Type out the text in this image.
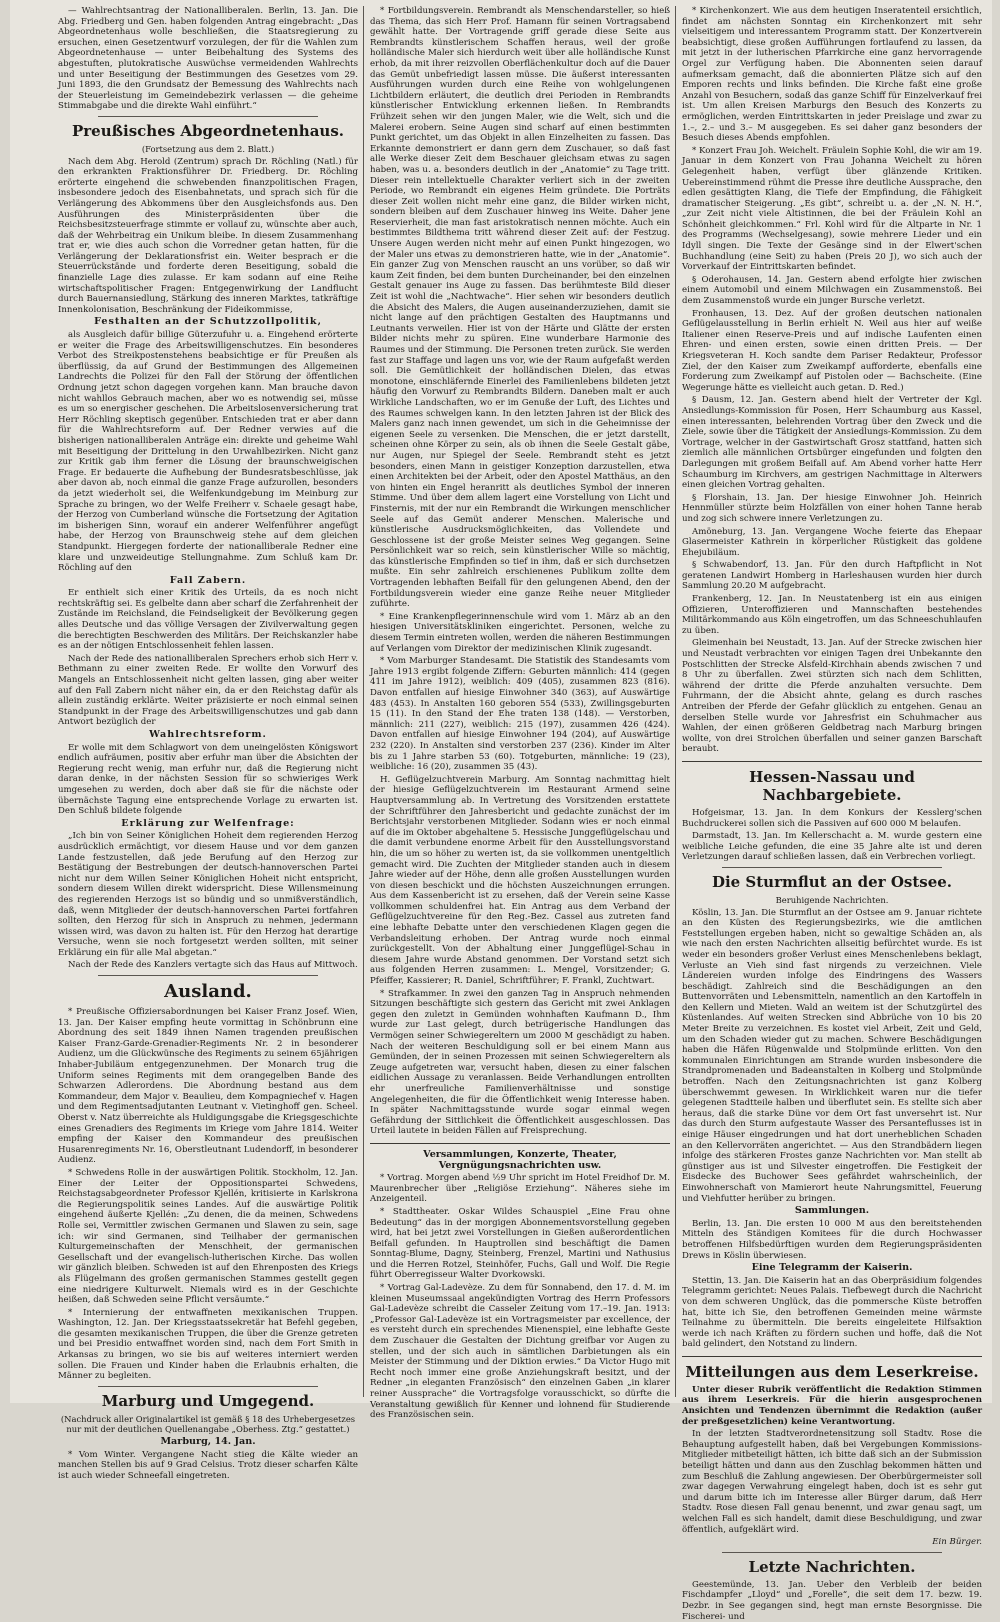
— Wahlrechtsantrag der Nationalliberalen. Berlin, 13. Jan. Die Abg. Friedberg und Gen. haben folgenden Antrag eingebracht: „Das Abgeordnetenhaus wolle beschließen, die Staatsregierung zu ersuchen, einen Gesetzentwurf vorzulegen, der für die Wahlen zum Abgeordnetenhause — unter Beibehaltung des Systems des abgestuften, plutokratische Auswüchse vermeidenden Wahlrechts und unter Beseitigung der Bestimmungen des Gesetzes vom 29. Juni 1893, die den Grundsatz der Bemessung des Wahlrechts nach der Steuerleistung im Gemeindebezirk verlassen — die geheime Stimmabgabe und die direkte Wahl einführt.“

Preußisches Abgeordnetenhaus.

(Fortsetzung aus dem 2. Blatt.)

Nach dem Abg. Herold (Zentrum) sprach Dr. Röchling (Natl.) für den erkrankten Fraktionsführer Dr. Friedberg. Dr. Röchling erörterte eingehend die schwebenden finanzpolitischen Fragen, insbesondere jedoch des Eisenbahnetats, und sprach sich für die Verlängerung des Abkommens über den Ausgleichsfonds aus. Den Ausführungen des Ministerpräsidenten über die Reichsbesitzsteuerfrage stimmte er vollauf zu, wünschte aber auch, daß der Wehrbeitrag ein Unikum bleibe. In diesem Zusammenhang trat er, wie dies auch schon die Vorredner getan hatten, für die Verlängerung der Deklarationsfrist ein. Weiter besprach er die Steuerrückstände und forderte deren Beseitigung, sobald die finanzielle Lage dies zulasse. Er kam sodann auf eine Reihe wirtschaftspolitischer Fragen: Entgegenwirkung der Landflucht durch Bauernansiedlung, Stärkung des inneren Marktes, tatkräftige Innenkolonisation, Beschränkung der Fideikommisse,

Festhalten an der Schutzzollpolitik,

als Ausgleich dafür billige Güterzufuhr u. a. Eingehend erörterte er weiter die Frage des Arbeitswilligenschutzes. Ein besonderes Verbot des Streikpostenstehens beabsichtige er für Preußen als überflüssig, da auf Grund der Bestimmungen des Allgemeinen Landrechts die Polizei für den Fall der Störung der öffentlichen Ordnung jetzt schon dagegen vorgehen kann. Man brauche davon nicht wahllos Gebrauch machen, aber wo es notwendig sei, müsse es um so energischer geschehen. Die Arbeitslosenversicherung trat Herr Röchling skeptisch gegenüber. Entschieden trat er aber dann für die Wahlrechtsreform auf. Der Redner verwies auf die bisherigen nationalliberalen Anträge ein: direkte und geheime Wahl mit Beseitigung der Drittelung in den Urwahlbezirken. Nicht ganz zur Kritik gab ihm ferner die Lösung der braunschweigischen Frage. Er bedauerte die Aufhebung der Bundesratsbeschlüsse, jak aber davon ab, noch einmal die ganze Frage aufzurollen, besonders da jetzt wiederholt sei, die Welfenkundgebung im Meinburg zur Sprache zu bringen, wo der Welfe Freiherr v. Schaele gesagt habe, der Herzog von Cumberland wünsche die Fortsetzung der Agitation im bisherigen Sinn, worauf ein anderer Welfenführer angefügt habe, der Herzog von Braunschweig stehe auf dem gleichen Standpunkt. Hiergegen forderte der nationalliberale Redner eine klare und unzweideutige Stellungnahme. Zum Schluß kam Dr. Röchling auf den

Fall Zabern.

Er enthielt sich einer Kritik des Urteils, da es noch nicht rechtskräftig sei. Es gelbelte dann aber scharf die Zerfahrenheit der Zustände im Reichsland, die Feindseligkeit der Bevölkerung gegen alles Deutsche und das völlige Versagen der Zivilverwaltung gegen die berechtigten Beschwerden des Militärs. Der Reichskanzler habe es an der nötigen Entschlossenheit fehlen lassen.

Nach der Rede des nationalliberalen Sprechers erhob sich Herr v. Bethmann zu einer zweiten Rede. Er wollte den Vorwurf des Mangels an Entschlossenheit nicht gelten lassen, ging aber weiter auf den Fall Zabern nicht näher ein, da er den Reichstag dafür als allein zuständig erklärte. Weiter präzisierte er noch einmal seinen Standpunkt in der Frage des Arbeitswilligenschutzes und gab dann Antwort bezüglich der

Wahlrechtsreform.

Er wolle mit dem Schlagwort von dem uneingelösten Königswort endlich aufräumen, positiv aber erfuhr man über die Absichten der Regierung recht wenig, man erfuhr nur, daß die Regierung nicht daran denke, in der nächsten Session für so schwieriges Werk umgesehen zu werden, doch aber daß sie für die nächste oder übernächste Tagung eine entsprechende Vorlage zu erwarten ist. Den Schluß bildete folgende

Erklärung zur Welfenfrage:

„Ich bin von Seiner Königlichen Hoheit dem regierenden Herzog ausdrücklich ermächtigt, vor diesem Hause und vor dem ganzen Lande festzustellen, daß jede Berufung auf den Herzog zur Bestätigung der Bestrebungen der deutsch-hannoverschen Partei nicht nur dem Willen Seiner Königlichen Hoheit nicht entspricht, sondern diesem Willen direkt widerspricht. Diese Willensmeinung des regierenden Herzogs ist so bündig und so unmißverständlich, daß, wenn Mitglieder der deutsch-hannoverschen Partei fortfahren sollten, den Herzog für sich in Anspruch zu nehmen, jedermann wissen wird, was davon zu halten ist. Für den Herzog hat derartige Versuche, wenn sie noch fortgesetzt werden sollten, mit seiner Erklärung ein für alle Mal abgetan.“

Nach der Rede des Kanzlers vertagte sich das Haus auf Mittwoch.

Ausland.

* Preußische Offiziersabordnungen bei Kaiser Franz Josef. Wien, 13. Jan. Der Kaiser empfing heute vormittag in Schönbrunn eine Abordnung des seit 1849 ihnen Namen tragenden preußischen Kaiser Franz-Garde-Grenadier-Regiments Nr. 2 in besonderer Audienz, um die Glückwünsche des Regiments zu seinem 65jährigen Inhaber-Jubiläum entgegenzunehmen. Der Monarch trug die Uniform seines Regiments mit dem orangegelben Bande des Schwarzen Adlerordens. Die Abordnung bestand aus dem Kommandeur, dem Major v. Beaulieu, dem Kompagniechef v. Hagen und dem Regimentsadjutanten Leutnant v. Vietinghoff gen. Scheel. Oberst v. Natz überreichte als Huldigungsgabe die Kriegsgeschichte eines Grenadiers des Regiments im Kriege vom Jahre 1814. Weiter empfing der Kaiser den Kommandeur des preußischen Husarenregiments Nr. 16, Oberstleutnant Ludendorff, in besonderer Audienz.

* Schwedens Rolle in der auswärtigen Politik. Stockholm, 12. Jan. Einer der Leiter der Oppositionspartei Schwedens, Reichstagsabgeordneter Professor Kjellén, kritisierte in Karlskrona die Regierungspolitik seines Landes. Auf die auswärtige Politik eingehend äußerte Kjellén: „Zu denen, die da meinen, Schwedens Rolle sei, Vermittler zwischen Germanen und Slawen zu sein, sage ich: wir sind Germanen, sind Teilhaber der germanischen Kulturgemeinschaften der Menschheit, der germanischen Gesellschaft und der evangelisch-lutherischen Kirche. Das wollen wir gänzlich bleiben. Schweden ist auf den Ehrenposten des Kriegs als Flügelmann des großen germanischen Stammes gestellt gegen eine niedrigere Kulturwelt. Niemals wird es in der Geschichte heißen, daß Schweden seine Pflicht versäumte.“

* Internierung der entwaffneten mexikanischen Truppen. Washington, 12. Jan. Der Kriegsstaatssekretär hat Befehl gegeben, die gesamten mexikanischen Truppen, die über die Grenze getreten und bei Presidio entwaffnet worden sind, nach dem Fort Smith in Arkansas zu bringen, wo sie bis auf weiteres interniert werden sollen. Die Frauen und Kinder haben die Erlaubnis erhalten, die Männer zu begleiten.

Marburg und Umgegend.

(Nachdruck aller Originalartikel ist gemäß § 18 des Urhebergesetzes nur mit der deutlichen Quellenangabe „Oberhess. Ztg.“ gestattet.)

Marburg, 14. Jan.

* Vom Winter. Vergangene Nacht stieg die Kälte wieder an manchen Stellen bis auf 9 Grad Celsius. Trotz dieser scharfen Kälte ist auch wieder Schneefall eingetreten.

* Fortbildungsverein. Rembrandt als Menschendarsteller, so hieß das Thema, das sich Herr Prof. Hamann für seinen Vortragsabend gewählt hatte. Der Vortragende griff gerade diese Seite aus Rembrandts künstlerischem Schaffen heraus, weil der große holländische Maler sich hierdurch weit über alle holländische Kunst erhob, da mit ihrer reizvollen Oberflächenkultur doch auf die Dauer das Gemüt unbefriedigt lassen müsse. Die äußerst interessanten Ausführungen wurden durch eine Reihe von wohlgelungenen Lichtbildern erläutert, die deutlich drei Perioden in Rembrandts künstlerischer Entwicklung erkennen ließen. In Rembrandts Frühzeit sehen wir den jungen Maler, wie die Welt, sich und die Malerei erobern. Seine Augen sind scharf auf einen bestimmten Punkt gerichtet, um das Objekt in allen Einzelheiten zu fassen. Das Erkannte demonstriert er dann gern dem Zuschauer, so daß fast alle Werke dieser Zeit dem Beschauer gleichsam etwas zu sagen haben, was u. a. besonders deutlich in der „Anatomie“ zu Tage tritt. Dieser rein intellektuelle Charakter verliert sich in der zweiten Periode, wo Rembrandt ein eigenes Heim gründete. Die Porträts dieser Zeit wollen nicht mehr eine ganz, die Bilder wirken nicht, sondern bleiben auf dem Zuschauer hinweg ins Weite. Daher jene Reservierheit, die man fast aristokratisch nennen möchte. Auch ein bestimmtes Bildthema tritt während dieser Zeit auf: der Festzug. Unsere Augen werden nicht mehr auf einen Punkt hingezogen, wo der Maler uns etwas zu demonstrieren hatte, wie in der „Anatomie“. Ein ganzer Zug von Menschen rauscht an uns vorüber, so daß wir kaum Zeit finden, bei dem bunten Durcheinander, bei den einzelnen Gestalt genauer ins Auge zu fassen. Das berühmteste Bild dieser Zeit ist wohl die „Nachtwache“. Hier sehen wir besonders deutlich die Absicht des Malers, die Augen auseinanderzuziehen, damit sie nicht lange auf den prächtigen Gestalten des Hauptmanns und Leutnants verweilen. Hier ist von der Härte und Glätte der ersten Bilder nichts mehr zu spüren. Eine wunderbare Harmonie des Raumes und der Stimmung. Die Personen treten zurück. Sie werden fast zur Staffage und lagen uns vor, wie der Raum aufgefaßt werden soll. Die Gemütlichkeit der holländischen Dielen, das etwas monotone, einschläfernde Einerlei des Familienlebens bildeten jetzt häufig den Vorwurf zu Rembrandts Bildern. Daneben malt er auch Wirkliche Landschaften, wo er im Genuße der Luft, des Lichtes und des Raumes schwelgen kann. In den letzten Jahren ist der Blick des Malers ganz nach innen gewendet, um sich in die Geheimnisse der eigenen Seele zu versenken. Die Menschen, die er jetzt darstellt, scheinen ohne Körper zu sein, als ob ihnen die Seele Gestalt gäbe, nur Augen, nur Spiegel der Seele. Rembrandt steht es jetzt besonders, einen Mann in geistiger Konzeption darzustellen, etwa einen Architekten bei der Arbeit, oder den Apostel Matthäus, an den von hinten ein Engel heranritt als deutliches Symbol der inneren Stimme. Und über dem allem lagert eine Vorstellung von Licht und Finsternis, mit der nur ein Rembrandt die Wirkungen menschlicher Seele auf das Gemüt anderer Menschen. Malerische und künstlerische Ausdrucksmöglichkeiten, das Vollendete und Geschlossene ist der große Meister seines Weg gegangen. Seine Persönlichkeit war so reich, sein künstlerischer Wille so mächtig, das künstlerische Empfinden so tief in ihm, daß er sich durchsetzen mußte. Ein sehr zahlreich erschienenes Publikum zollte dem Vortragenden lebhaften Beifall für den gelungenen Abend, den der Fortbildungsverein wieder eine ganze Reihe neuer Mitglieder zuführte.

* Eine Krankenpflegerinnenschule wird vom 1. März ab an den hiesigen Universitätskliniken eingerichtet. Personen, welche zu diesem Termin eintreten wollen, werden die näheren Bestimmungen auf Verlangen vom Direktor der medizinischen Klinik zugesandt.

* Vom Marburger Standesamt. Die Statistik des Standesamts vom Jahre 1913 ergibt folgende Ziffern: Geburten männlich: 414 (gegen 411 im Jahre 1912), weiblich: 409 (405), zusammen 823 (816). Davon entfallen auf hiesige Einwohner 340 (363), auf Auswärtige 483 (453). In Anstalten 160 geboren 554 (533), Zwillingsgeburten 15 (11). In den Stand der Ehe traten 138 (148). — Verstorben, männlich: 211 (227), weiblich: 215 (197), zusammen 426 (424). Davon entfallen auf hiesige Einwohner 194 (204), auf Auswärtige 232 (220). In Anstalten sind verstorben 237 (236). Kinder im Alter bis zu 1 Jahre starben 53 (60). Totgeburten, männliche: 19 (23), weibliche: 16 (20), zusammen 35 (43).

H. Geflügelzuchtverein Marburg. Am Sonntag nachmittag hielt der hiesige Geflügelzuchtverein im Restaurant Armend seine Hauptversammlung ab. In Vertretung des Vorsitzenden erstattete der Schriftführer den Jahresbericht und gedachte zunächst der im Berichtsjahr verstorbenen Mitglieder. Sodann wies er noch einmal auf die im Oktober abgehaltene 5. Hessische Junggeflügelschau und die damit verbundene enorme Arbeit für den Ausstellungsvorstand hin, die um so höher zu werten ist, da sie vollkommen unentgeltlich gemacht wird. Die Zuchten der Mitglieder standen auch in diesem Jahre wieder auf der Höhe, denn alle großen Ausstellungen wurden von diesen beschickt und die höchsten Auszeichnungen errungen. Aus dem Kassenbericht ist zu ersehen, daß der Verein seine Kasse vollkommen schuldenfrei hat. Ein Antrag aus dem Verband der Geflügelzuchtvereine für den Reg.-Bez. Cassel aus zutreten fand eine lebhafte Debatte unter den verschiedenen Klagen gegen die Verbandsleitung erhoben. Der Antrag wurde noch einmal zurückgestellt. Von der Abhaltung einer Junggeflügel-Schau in diesem Jahre wurde Abstand genommen. Der Vorstand setzt sich aus folgenden Herren zusammen: L. Mengel, Vorsitzender; G. Pfeiffer, Kassierer; R. Daniel, Schriftführer; F. Frankl, Zuchtwart.

* Strafkammer. In zwei den ganzen Tag in Anspruch nehmenden Sitzungen beschäftigte sich gestern das Gericht mit zwei Anklagen gegen den zuletzt in Gemünden wohnhaften Kaufmann D., Ihm wurde zur Last gelegt, durch betrügerische Handlungen das Vermögen seiner Schwiegereltern um 2000 M geschädigt zu haben. Nach der weiteren Beschuldigung soll er bei einem Mann aus Gemünden, der in seinen Prozessen mit seinen Schwiegereltern als Zeuge aufgetreten war, versucht haben, diesen zu einer falschen eidlichen Aussage zu veranlassen. Beide Verhandlungen entrollten ehr unerfreuliche Familienverhältnisse und sonstige Angelegenheiten, die für die Öffentlichkeit wenig Interesse haben. In später Nachmittagsstunde wurde sogar einmal wegen Gefährdung der Sittlichkeit die Öffentlichkeit ausgeschlossen. Das Urteil lautete in beiden Fällen auf Freisprechung.

Versammlungen, Konzerte, Theater, Vergnügungsnachrichten usw.

* Vortrag. Morgen abend ½9 Uhr spricht im Hotel Freidhof Dr. M. Maurenbrecher über „Religiöse Erziehung“. Näheres siehe im Anzeigenteil.

* Stadttheater. Oskar Wildes Schauspiel „Eine Frau ohne Bedeutung“ das in der morgigen Abonnementsvorstellung gegeben wird, hat bei jetzt zwei Vorstellungen in Gießen außerordentlichen Beifall gefunden. In Hauptrollen sind beschäftigt die Damen Sonntag-Blume, Dagny, Steinberg, Frenzel, Martini und Nathusius und die Herren Rotzel, Steinhöfer, Fuchs, Gall und Wolf. Die Regie führt Oberregisseur Walter Dvorkowski.

* Vortrag Gal-Ladevèze. Zu dem für Sonnabend, den 17. d. M. im kleinen Museumssaal angekündigten Vortrag des Herrn Professors Gal-Ladevèze schreibt die Casseler Zeitung vom 17.–19. Jan. 1913: „Professor Gal-Ladevèze ist ein Vortragsmeister par excellence, der es versteht durch ein sprechendes Mienenspiel, eine lebhafte Geste dem Zuschauer die Gestalten der Dichtung greifbar vor Augen zu stellen, und der sich auch in sämtlichen Darbietungen als ein Meister der Stimmung und der Diktion erwies.“ Da Victor Hugo mit Recht noch immer eine große Anziehungskraft besitzt, und der Redner „in eleganten Französisch“ den einzelnen Gaben „in klarer reiner Aussprache“ die Vortragsfolge vorausschickt, so dürfte die Veranstaltung gewißlich für Kenner und lohnend für Studierende des Französischen sein.

* Kirchenkonzert. Wie aus dem heutigen Inseratenteil ersichtlich, findet am nächsten Sonntag ein Kirchenkonzert mit sehr vielseitigem und interessantem Programm statt. Der Konzertverein beabsichtigt, diese großen Aufführungen fortlaufend zu lassen, da mit jetzt in der lutherischen Pfarrkirche eine ganz hervorragende Orgel zur Verfügung haben. Die Abonnenten seien darauf aufmerksam gemacht, daß die abonnierten Plätze sich auf den Emporen rechts und links befinden. Die Kirche faßt eine große Anzahl von Besuchern, sodaß das ganze Schiff für Einzelverkauf frei ist. Um allen Kreisen Marburgs den Besuch des Konzerts zu ermöglichen, werden Eintrittskarten in jeder Preislage und zwar zu 1.–, 2.– und 3.– M ausgegeben. Es sei daher ganz besonders der Besuch dieses Abends empfohlen.

* Konzert Frau Joh. Weichelt. Fräulein Sophie Kohl, die wir am 19. Januar in dem Konzert von Frau Johanna Weichelt zu hören Gelegenheit haben, verfügt über glänzende Kritiken. Uebereinstimmend rühmt die Presse ihre deutliche Aussprache, den edlen gesättigten Klang, die Tiefe der Empfindung, die Fähigkeit dramatischer Steigerung. „Es gibt“, schreibt u. a. der „N. N. H.“, „zur Zeit nicht viele Altistinnen, die bei der Fräulein Kohl an Schönheit gleichkommen.“ Frl. Kohl wird für die Altparte in Nr. 1 des Programms (Wechselgesang), sowie mehrere Lieder und ein Idyll singen. Die Texte der Gesänge sind in der Elwert'schen Buchhandlung (eine Seit) zu haben (Preis 20 J), wo sich auch der Vorverkauf der Eintrittskarten befindet.

§ Oderohausen, 14. Jan. Gestern abend erfolgte hier zwischen einem Automobil und einem Milchwagen ein Zusammenstoß. Bei dem Zusammenstoß wurde ein junger Bursche verletzt.

Fronhausen, 13. Dez. Auf der großen deutschen nationalen Geflügelausstellung in Berlin erhielt N. Weil aus hier auf weiße Italiener einen Reserve-Preis und auf indische Laufenten einen Ehren- und einen ersten, sowie einen dritten Preis. — Der Kriegsveteran H. Koch sandte dem Pariser Redakteur, Professor Ziel, der den Kaiser zum Zweikampf aufforderte, ebenfalls eine Forderung zum Zweikampf auf Pistolen oder — Bachscheite. (Eine Wegerunge hätte es vielleicht auch getan. D. Red.)

§ Dausm, 12. Jan. Gestern abend hielt der Vertreter der Kgl. Ansiedlungs-Kommission für Posen, Herr Schaumburg aus Kassel, einen interessanten, belehrenden Vortrag über den Zweck und die Ziele, sowie über die Tätigkeit der Ansiedlungs-Kommission. Zu dem Vortrage, welcher in der Gastwirtschaft Grosz stattfand, hatten sich ziemlich alle männlichen Ortsbürger eingefunden und folgten den Darlegungen mit großem Beifall auf. Am Abend vorher hatte Herr Schaumburg im Kirchvers, am gestrigen Nachmittage in Alterwers einen gleichen Vortrag gehalten.

§ Florshain, 13. Jan. Der hiesige Einwohner Joh. Heinrich Hennmüller stürzte beim Holzfällen von einer hohen Tanne herab und zog sich schwere innere Verletzungen zu.

Amöneburg, 13. Jan. Vergangene Woche feierte das Ehepaar Glasermeister Kathrein in körperlicher Rüstigkeit das goldene Ehejubiläum.

§ Schwabendorf, 13. Jan. Für den durch Haftpflicht in Not geratenen Landwirt Homberg in Harleshausen wurden hier durch Sammlung 20.20 M aufgebracht.

Frankenberg, 12. Jan. In Neustatenberg ist ein aus einigen Offizieren, Unteroffizieren und Mannschaften bestehendes Militärkommando aus Köln eingetroffen, um das Schneeschuhlaufen zu üben.

Gleimenhain bei Neustadt, 13. Jan. Auf der Strecke zwischen hier und Neustadt verbrachten vor einigen Tagen drei Unbekannte den Postschlitten der Strecke Alsfeld-Kirchhain abends zwischen 7 und 8 Uhr zu überfallen. Zwei stürzten sich nach dem Schlitten, während der dritte die Pferde anzuhalten versuchte. Dem Fuhrmann, der die Absicht ahnte, gelang es durch rasches Antreiben der Pferde der Gefahr glücklich zu entgehen. Genau an derselben Stelle wurde vor Jahresfrist ein Schuhmacher aus Wahlen, der einen größeren Geldbetrag nach Marburg bringen wollte, von drei Strolchen überfallen und seiner ganzen Barschaft beraubt.

Hessen-Nassau und Nachbargebiete.

Hofgeismar, 13. Jan. In dem Konkurs der Kesslerg'schen Buchdruckerei sollen sich die Passiven auf 600 000 M belaufen.

Darmstadt, 13. Jan. Im Kellerschacht a. M. wurde gestern eine weibliche Leiche gefunden, die eine 35 Jahre alte ist und deren Verletzungen darauf schließen lassen, daß ein Verbrechen vorliegt.

Die Sturmflut an der Ostsee.

Beruhigende Nachrichten.

Köslin, 13. Jan. Die Sturmflut an der Ostsee am 9. Januar richtete an den Küsten des Regierungsbezirks, wie die amtlichen Feststellungen ergeben haben, nicht so gewaltige Schäden an, als wie nach den ersten Nachrichten allseitig befürchtet wurde. Es ist weder ein besonders großer Verlust eines Menschenlebens beklagt, Verluste an Vieh sind fast nirgends zu verzeichnen. Viele Ländereien wurden infolge des Eindringens des Wassers beschädigt. Zahlreich sind die Beschädigungen an den Buttenvorräten und Lebensmitteln, namentlich an den Kartoffeln in den Kellern und Mieten. Wald an weitem ist der Schutzgürtel des Küstenlandes. Auf weiten Strecken sind Abbrüche von 10 bis 20 Meter Breite zu verzeichnen. Es kostet viel Arbeit, Zeit und Geld, um den Schaden wieder gut zu machen. Schwere Beschädigungen haben die Häfen Rügenwalde und Stolpmünde erlitten. Von den kommunalen Einrichtungen am Strande wurden insbesondere die Strandpromenaden und Badeanstalten in Kolberg und Stolpmünde betroffen. Nach den Zeitungsnachrichten ist ganz Kolberg überschwemmt gewesen. In Wirklichkeit waren nur die tiefer gelegenen Stadtteile halben und überflutet sein. Es stellte sich aber heraus, daß die starke Düne vor dem Ort fast unversehrt ist. Nur das durch den Sturm aufgestaute Wasser des Persanteflusses ist in einige Häuser eingedrungen und hat dort unerheblichen Schaden an den Kellervorräten angerichtet. — Aus den Strandbädern liegen infolge des stärkeren Frostes ganze Nachrichten vor. Man stellt ab günstiger aus ist und Silvester eingetroffen. Die Festigkeit der Eisdecke des Buchower Sees gefährdet wahrscheinlich, der Einwohnerschaft von Mamierort heute Nahrungsmittel, Feuerung und Viehfutter herüber zu bringen.

Sammlungen.

Berlin, 13. Jan. Die ersten 10 000 M aus den bereitstehenden Mitteln des Ständigen Komitees für die durch Hochwasser betroffenen Hilfsbedürftigen wurden dem Regierungspräsidenten Drews in Köslin überwiesen.

Eine Telegramm der Kaiserin.

Stettin, 13. Jan. Die Kaiserin hat an das Oberpräsidium folgendes Telegramm gerichtet: Neues Palais. Tiefbewegt durch die Nachricht von dem schweren Unglück, das die pommersche Küste betroffen hat, bitte ich Sie, den betroffenen Gemeinden meine wärmste Teilnahme zu übermitteln. Die bereits eingeleitete Hilfsaktion werde ich nach Kräften zu fördern suchen und hoffe, daß die Not bald gelindert, den Notstand zu lindern.

Mitteilungen aus dem Leserkreise.

Unter dieser Rubrik veröffentlicht die Redaktion Stimmen aus ihrem Leserkreis. Für die hierin ausgesprochenen Ansichten und Tendenzen übernimmt die Redaktion (außer der preßgesetzlichen) keine Verantwortung.

In der letzten Stadtverordnetensitzung soll Stadtv. Rose die Behauptung aufgestellt haben, daß bei Vergebungen Kommissions-Mitglieder mitbeteiligt hätten, ich bitte daß sich an der Submission beteiligt hätten und dann aus den Zuschlag bekommen hätten und zum Beschluß die Zahlung angewiesen. Der Oberbürgermeister soll zwar dagegen Verwahrung eingelegt haben, doch ist es sehr gut und darum bitte ich im Interesse aller Bürger darum, daß Herr Stadtv. Rose diesen Fall genau benennt, und zwar genau sagt, um welchen Fall es sich handelt, damit diese Beschuldigung, und zwar öffentlich, aufgeklärt wird.

Ein Bürger.

Letzte Nachrichten.

Geestemünde, 13. Jan. Ueber den Verbleib der beiden Fischdampfer „Lloyd“ und „Forelle“, die seit dem 17. bezw. 19. Dezbr. in See gegangen sind, hegt man ernste Besorgnisse. Die Fischerei- und
